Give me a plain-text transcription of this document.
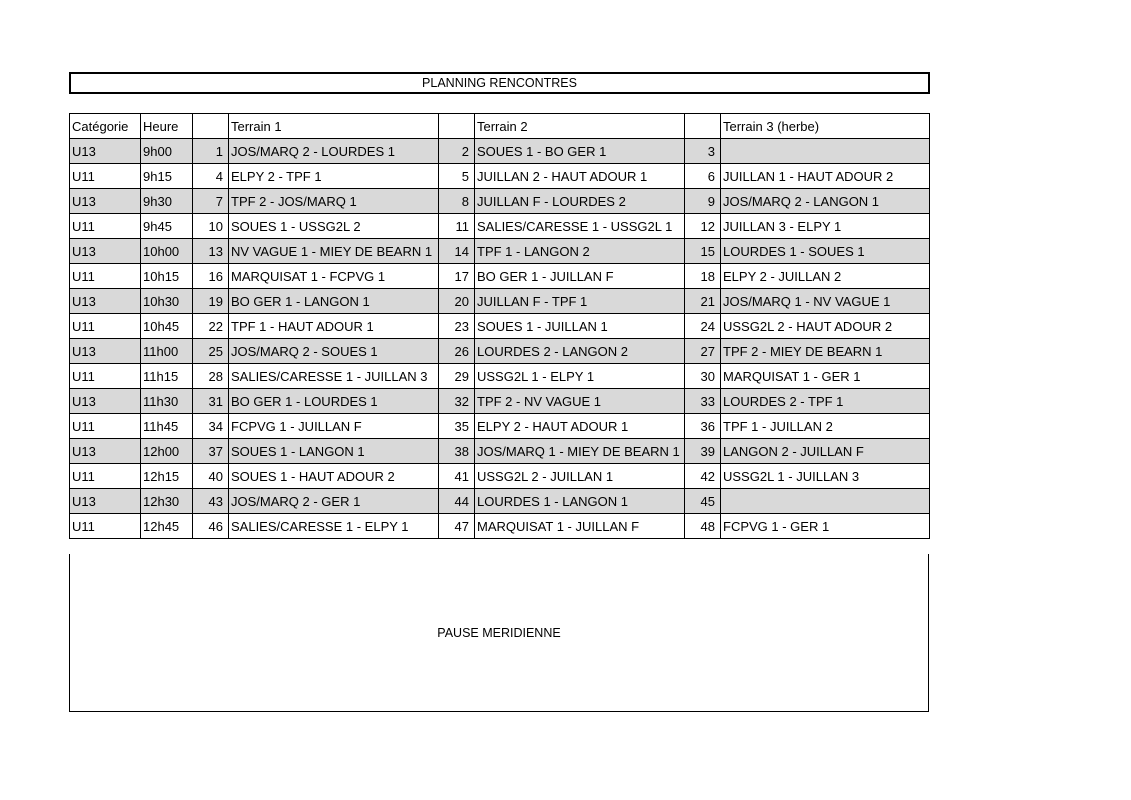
PLANNING RENCONTRES
Catégorie	Heure		Terrain 1		Terrain 2		Terrain 3 (herbe)
U13	9h00	1	JOS/MARQ 2 - LOURDES 1	2	SOUES 1 - BO GER 1	3	
U11	9h15	4	ELPY 2 - TPF 1	5	JUILLAN 2 - HAUT ADOUR 1	6	JUILLAN 1 - HAUT ADOUR 2
U13	9h30	7	TPF 2 - JOS/MARQ 1	8	JUILLAN F - LOURDES 2	9	JOS/MARQ 2 - LANGON 1
U11	9h45	10	SOUES 1 - USSG2L 2	11	SALIES/CARESSE 1 - USSG2L 1	12	JUILLAN 3 - ELPY 1
U13	10h00	13	NV VAGUE 1 - MIEY DE BEARN 1	14	TPF 1 - LANGON 2	15	LOURDES 1 - SOUES 1
U11	10h15	16	MARQUISAT 1 - FCPVG 1	17	BO GER 1 - JUILLAN F	18	ELPY 2 - JUILLAN 2
U13	10h30	19	BO GER 1 - LANGON 1	20	JUILLAN F - TPF 1	21	JOS/MARQ 1 - NV VAGUE 1
U11	10h45	22	TPF 1 - HAUT ADOUR 1	23	SOUES 1 - JUILLAN 1	24	USSG2L 2 - HAUT ADOUR 2
U13	11h00	25	JOS/MARQ 2 - SOUES 1	26	LOURDES 2 - LANGON 2	27	TPF 2 - MIEY DE BEARN 1
U11	11h15	28	SALIES/CARESSE 1 - JUILLAN 3	29	USSG2L 1 - ELPY 1	30	MARQUISAT 1 - GER 1
U13	11h30	31	BO GER 1 - LOURDES 1	32	TPF 2 - NV VAGUE 1	33	LOURDES 2 - TPF 1
U11	11h45	34	FCPVG 1 - JUILLAN F	35	ELPY 2 - HAUT ADOUR 1	36	TPF 1 - JUILLAN 2
U13	12h00	37	SOUES 1 - LANGON 1	38	JOS/MARQ 1 - MIEY DE BEARN 1	39	LANGON 2 - JUILLAN F
U11	12h15	40	SOUES 1 - HAUT ADOUR 2	41	USSG2L 2 - JUILLAN 1	42	USSG2L 1 - JUILLAN 3
U13	12h30	43	JOS/MARQ 2 - GER 1	44	LOURDES 1 - LANGON 1	45	
U11	12h45	46	SALIES/CARESSE 1 - ELPY 1	47	MARQUISAT 1 - JUILLAN F	48	FCPVG 1 - GER 1
PAUSE MERIDIENNE
